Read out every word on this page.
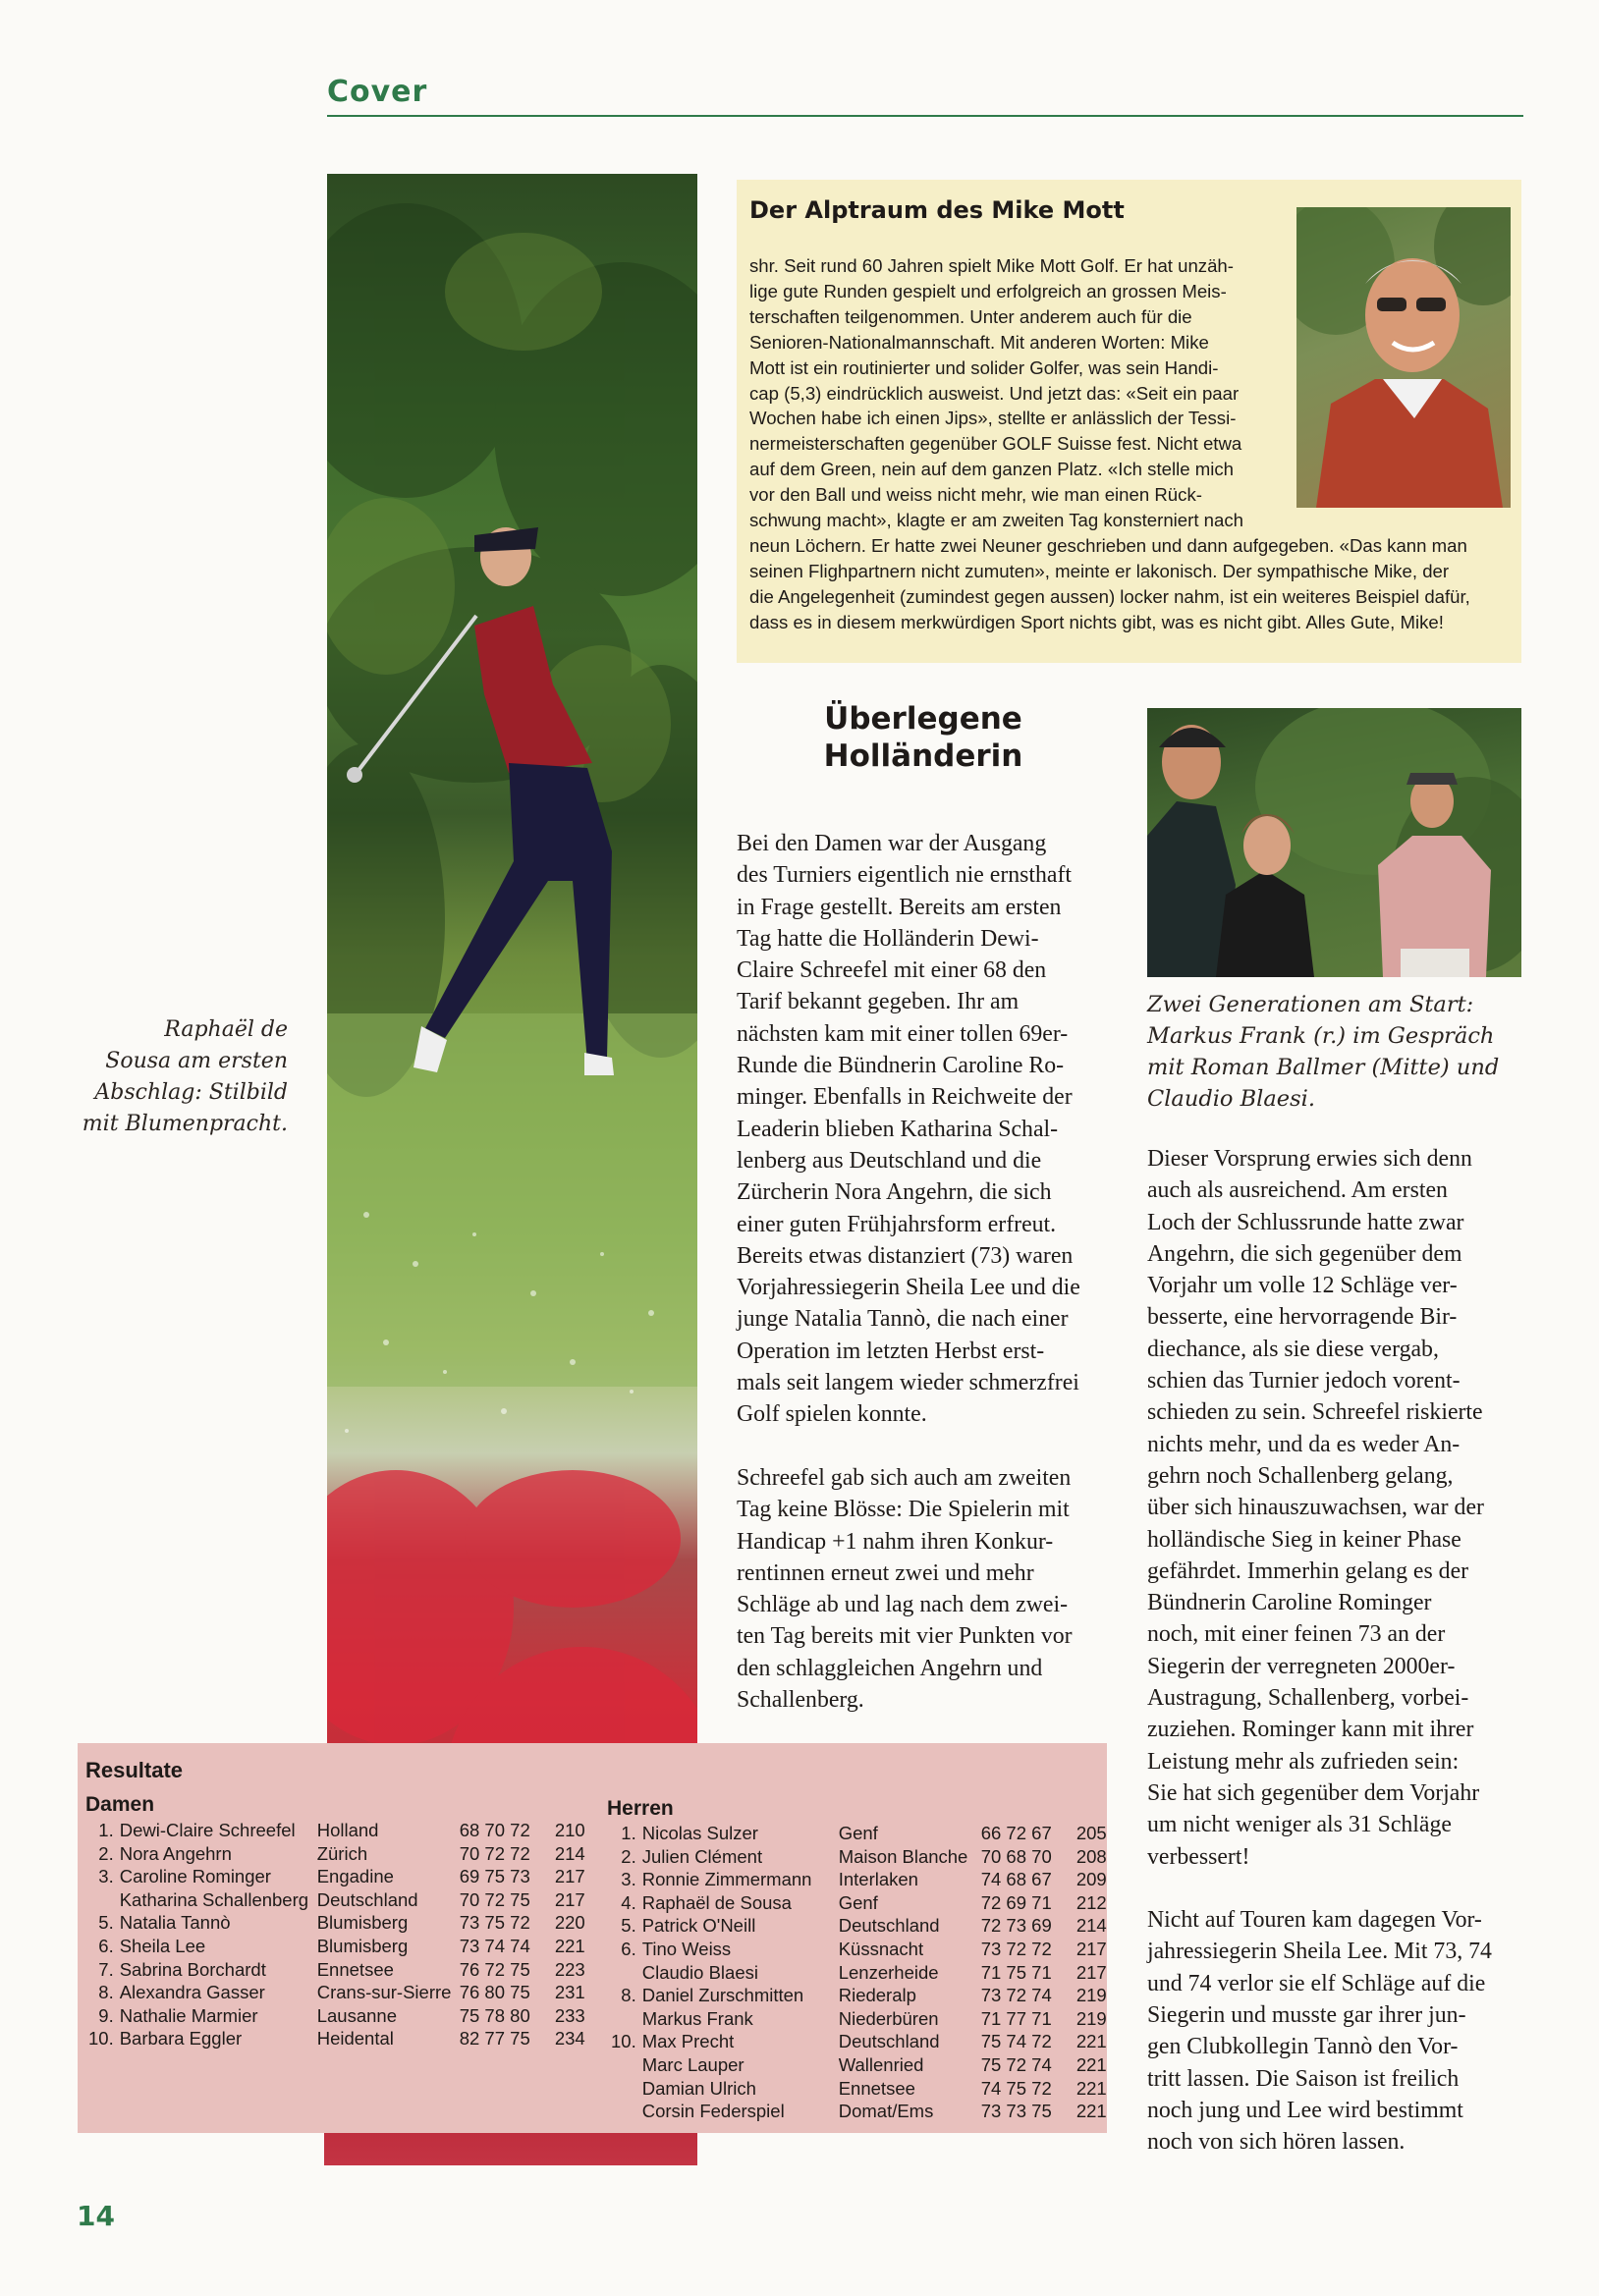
Cover
Raphaël de
Sousa am ersten
Abschlag: Stilbild
mit Blumenpracht.
Der Alptraum des Mike Mott
shr. Seit rund 60 Jahren spielt Mike Mott Golf. Er hat unzäh-
lige gute Runden gespielt und erfolgreich an grossen Meis-
terschaften teilgenommen. Unter anderem auch für die
Senioren-Nationalmannschaft. Mit anderen Worten: Mike
Mott ist ein routinierter und solider Golfer, was sein Handi-
cap (5,3) eindrücklich ausweist. Und jetzt das: «Seit ein paar
Wochen habe ich einen Jips», stellte er anlässlich der Tessi-
nermeisterschaften gegenüber GOLF Suisse fest. Nicht etwa
auf dem Green, nein auf dem ganzen Platz. «Ich stelle mich
vor den Ball und weiss nicht mehr, wie man einen Rück-
schwung macht», klagte er am zweiten Tag konsterniert nach
neun Löchern. Er hatte zwei Neuner geschrieben und dann aufgegeben. «Das kann man
seinen Flighpartnern nicht zumuten», meinte er lakonisch. Der sympathische Mike, der
die Angelegenheit (zumindest gegen aussen) locker nahm, ist ein weiteres Beispiel dafür,
dass es in diesem merkwürdigen Sport nichts gibt, was es nicht gibt. Alles Gute, Mike!
Überlegene
Holländerin
Zwei Generationen am Start:
Markus Frank (r.) im Gespräch
mit Roman Ballmer (Mitte) und
Claudio Blaesi.
Bei den Damen war der Ausgang
des Turniers eigentlich nie ernsthaft
in Frage gestellt. Bereits am ersten
Tag hatte die Holländerin Dewi-
Claire Schreefel mit einer 68 den
Tarif bekannt gegeben. Ihr am
nächsten kam mit einer tollen 69er-
Runde die Bündnerin Caroline Ro-
minger. Ebenfalls in Reichweite der
Leaderin blieben Katharina Schal-
lenberg aus Deutschland und die
Zürcherin Nora Angehrn, die sich
einer guten Frühjahrsform erfreut.
Bereits etwas distanziert (73) waren
Vorjahressiegerin Sheila Lee und die
junge Natalia Tannò, die nach einer
Operation im letzten Herbst erst-
mals seit langem wieder schmerzfrei
Golf spielen konnte.

Schreefel gab sich auch am zweiten
Tag keine Blösse: Die Spielerin mit
Handicap +1 nahm ihren Konkur-
rentinnen erneut zwei und mehr
Schläge ab und lag nach dem zwei-
ten Tag bereits mit vier Punkten vor
den schlaggleichen Angehrn und
Schallenberg.
Dieser Vorsprung erwies sich denn
auch als ausreichend. Am ersten
Loch der Schlussrunde hatte zwar
Angehrn, die sich gegenüber dem
Vorjahr um volle 12 Schläge ver-
besserte, eine hervorragende Bir-
diechance, als sie diese vergab,
schien das Turnier jedoch vorent-
schieden zu sein. Schreefel riskierte
nichts mehr, und da es weder An-
gehrn noch Schallenberg gelang,
über sich hinauszuwachsen, war der
holländische Sieg in keiner Phase
gefährdet. Immerhin gelang es der
Bündnerin Caroline Rominger
noch, mit einer feinen 73 an der
Siegerin der verregneten 2000er-
Austragung, Schallenberg, vorbei-
zuziehen. Rominger kann mit ihrer
Leistung mehr als zufrieden sein:
Sie hat sich gegenüber dem Vorjahr
um nicht weniger als 31 Schläge
verbessert!

Nicht auf Touren kam dagegen Vor-
jahressiegerin Sheila Lee. Mit 73, 74
und 74 verlor sie elf Schläge auf die
Siegerin und musste gar ihrer jun-
gen Clubkollegin Tannò den Vor-
tritt lassen. Die Saison ist freilich
noch jung und Lee wird bestimmt
noch von sich hören lassen.
Resultate
Damen	Herren
1.	Dewi-Claire Schreefel	Holland	68 70 72	210
2.	Nora Angehrn	Zürich	70 72 72	214
3.	Caroline Rominger	Engadine	69 75 73	217
	Katharina Schallenberg	Deutschland	70 72 75	217
5.	Natalia Tannò	Blumisberg	73 75 72	220
6.	Sheila Lee	Blumisberg	73 74 74	221
7.	Sabrina Borchardt	Ennetsee	76 72 75	223
8.	Alexandra Gasser	Crans-sur-Sierre	76 80 75	231
9.	Nathalie Marmier	Lausanne	75 78 80	233
10.	Barbara Eggler	Heidental	82 77 75	234
1.	Nicolas Sulzer	Genf	66 72 67	205
2.	Julien Clément	Maison Blanche	70 68 70	208
3.	Ronnie Zimmermann	Interlaken	74 68 67	209
4.	Raphaël de Sousa	Genf	72 69 71	212
5.	Patrick O'Neill	Deutschland	72 73 69	214
6.	Tino Weiss	Küssnacht	73 72 72	217
	Claudio Blaesi	Lenzerheide	71 75 71	217
8.	Daniel Zurschmitten	Riederalp	73 72 74	219
	Markus Frank	Niederbüren	71 77 71	219
10.	Max Precht	Deutschland	75 74 72	221
	Marc Lauper	Wallenried	75 72 74	221
	Damian Ulrich	Ennetsee	74 75 72	221
	Corsin Federspiel	Domat/Ems	73 73 75	221
14
